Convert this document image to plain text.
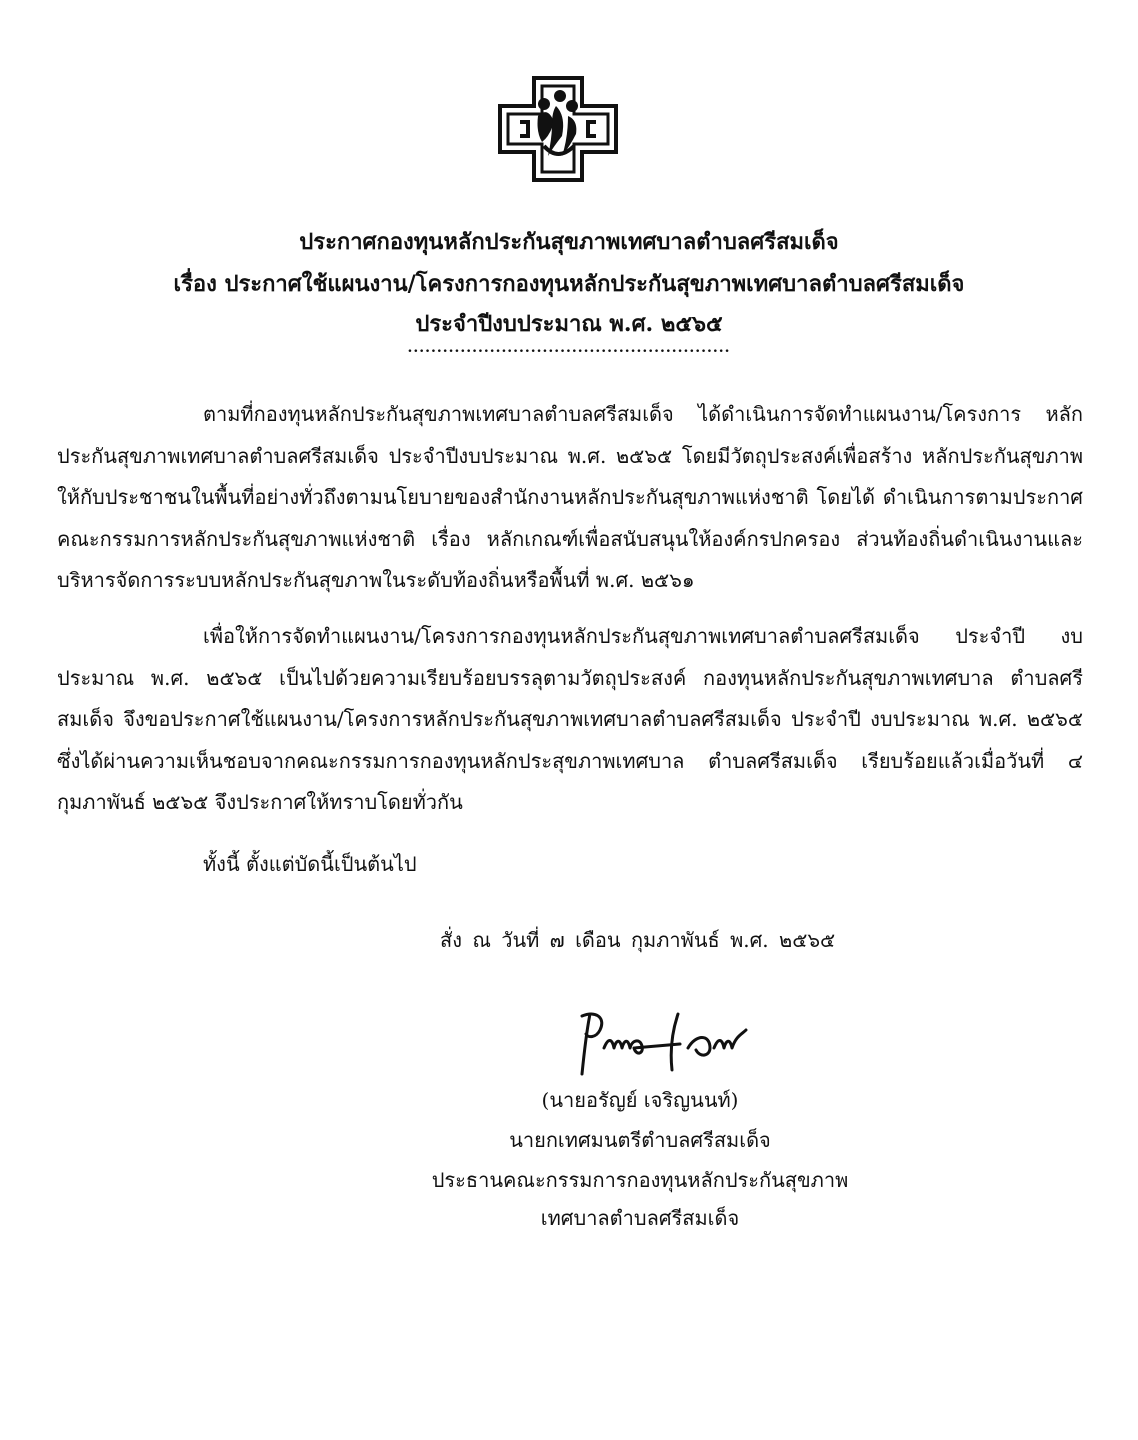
ประกาศกองทุนหลักประกันสุขภาพเทศบาลตำบลศรีสมเด็จ
เรื่อง ประกาศใช้แผนงาน/โครงการกองทุนหลักประกันสุขภาพเทศบาลตำบลศรีสมเด็จ
ประจำปีงบประมาณ พ.ศ. ๒๕๖๕
.......................................................
ตามที่กองทุนหลักประกันสุขภาพเทศบาลตำบลศรีสมเด็จ ได้ดำเนินการจัดทำแผนงาน/โครงการ หลักประกันสุขภาพเทศบาลตำบลศรีสมเด็จ ประจำปีงบประมาณ พ.ศ. ๒๕๖๕ โดยมีวัตถุประสงค์เพื่อสร้าง หลักประกันสุขภาพให้กับประชาชนในพื้นที่อย่างทั่วถึงตามนโยบายของสำนักงานหลักประกันสุขภาพแห่งชาติ โดยได้ ดำเนินการตามประกาศคณะกรรมการหลักประกันสุขภาพแห่งชาติ เรื่อง หลักเกณฑ์เพื่อสนับสนุนให้องค์กรปกครอง ส่วนท้องถิ่นดำเนินงานและบริหารจัดการระบบหลักประกันสุขภาพในระดับท้องถิ่นหรือพื้นที่ พ.ศ. ๒๕๖๑
เพื่อให้การจัดทำแผนงาน/โครงการกองทุนหลักประกันสุขภาพเทศบาลตำบลศรีสมเด็จ ประจำปี งบประมาณ พ.ศ. ๒๕๖๕ เป็นไปด้วยความเรียบร้อยบรรลุตามวัตถุประสงค์ กองทุนหลักประกันสุขภาพเทศบาล ตำบลศรีสมเด็จ จึงขอประกาศใช้แผนงาน/โครงการหลักประกันสุขภาพเทศบาลตำบลศรีสมเด็จ ประจำปี งบประมาณ พ.ศ. ๒๕๖๕ ซึ่งได้ผ่านความเห็นชอบจากคณะกรรมการกองทุนหลักประสุขภาพเทศบาล ตำบลศรีสมเด็จ เรียบร้อยแล้วเมื่อวันที่ ๔ กุมภาพันธ์ ๒๕๖๕ จึงประกาศให้ทราบโดยทั่วกัน
ทั้งนี้ ตั้งแต่บัดนี้เป็นต้นไป
สั่ง ณ วันที่ ๗ เดือน กุมภาพันธ์ พ.ศ. ๒๕๖๕
(นายอรัญย์ เจริญนนท์)
นายกเทศมนตรีตำบลศรีสมเด็จ
ประธานคณะกรรมการกองทุนหลักประกันสุขภาพ
เทศบาลตำบลศรีสมเด็จ
